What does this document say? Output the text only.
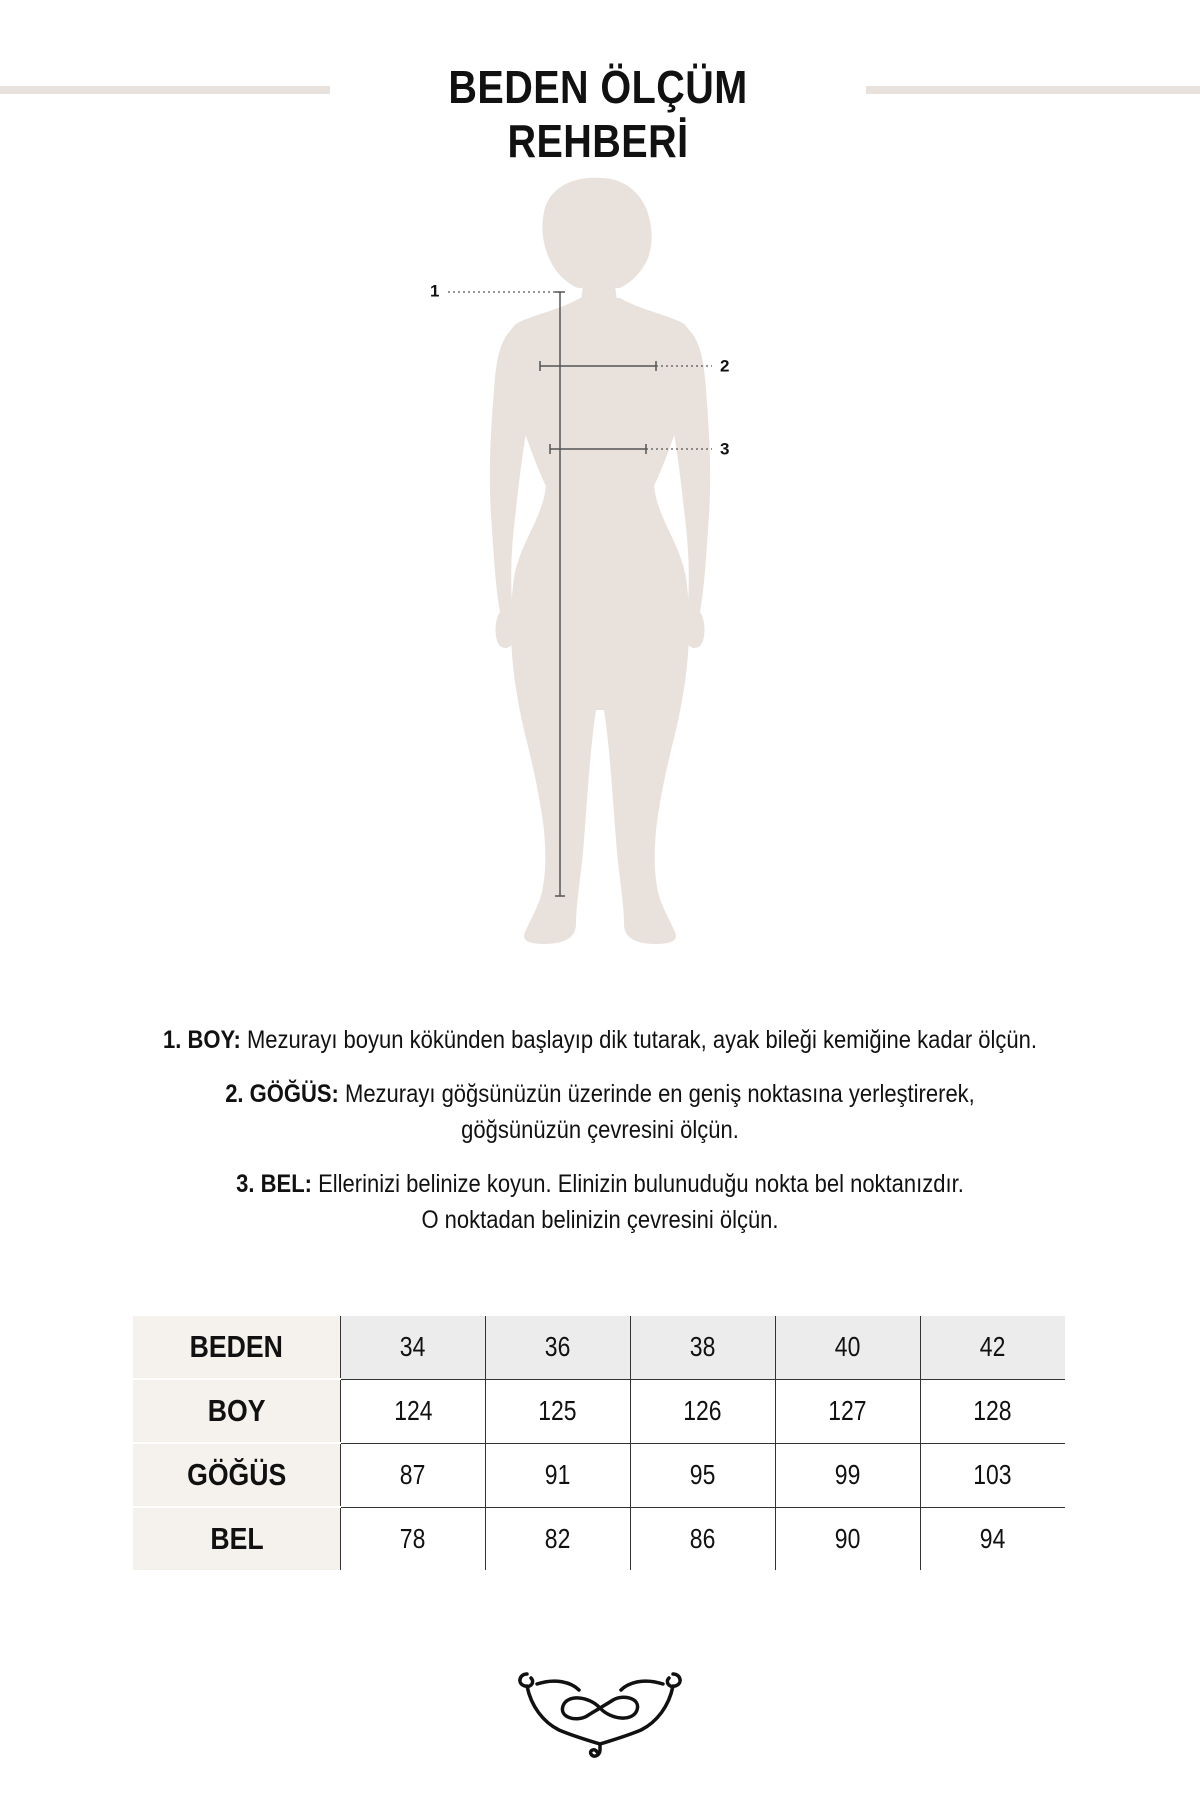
BEDEN ÖLÇÜM REHBERİ
1
2
3

1. BOY: Mezurayı boyun kökünden başlayıp dik tutarak, ayak bileği kemiğine kadar ölçün.

2. GÖĞÜS: Mezurayı göğsünüzün üzerinde en geniş noktasına yerleştirerek,
göğsünüzün çevresini ölçün.

3. BEL: Ellerinizi belinize koyun. Elinizin bulunuduğu nokta bel noktanızdır.
O noktadan belinizin çevresini ölçün.

BEDEN	34	36	38	40	42
BOY	124	125	126	127	128
GÖĞÜS	87	91	95	99	103
BEL	78	82	86	90	94
